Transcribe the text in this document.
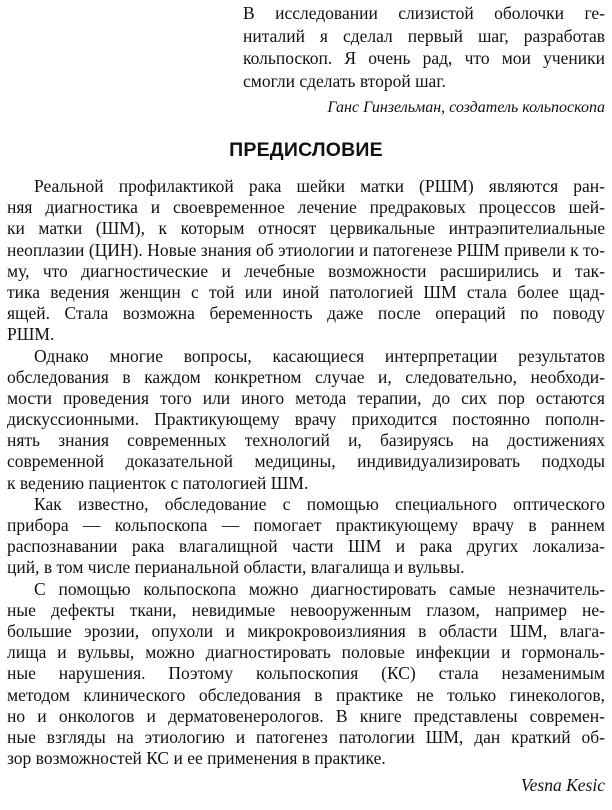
В исследовании слизистой оболочки ге-
ниталий я сделал первый шаг, разработав
кольпоскоп. Я очень рад, что мои ученики
смогли сделать второй шаг.
Ганс Гинзельман, создатель кольпоскопа
ПРЕДИСЛОВИЕ
Реальной профилактикой рака шейки матки (РШМ) являются ран-
няя диагностика и своевременное лечение предраковых процессов шей-
ки матки (ШМ), к которым относят цервикальные интраэпителиальные
неоплазии (ЦИН). Новые знания об этиологии и патогенезе РШМ привели к то-
му, что диагностические и лечебные возможности расширились и так-
тика ведения женщин с той или иной патологией ШМ стала более щад-
ящей. Стала возможна беременность даже после операций по поводу
РШМ.
Однако многие вопросы, касающиеся интерпретации результатов
обследования в каждом конкретном случае и, следовательно, необходи-
мости проведения того или иного метода терапии, до сих пор остаются
дискуссионными. Практикующему врачу приходится постоянно пополн-
нять знания современных технологий и, базируясь на достижениях
современной доказательной медицины, индивидуализировать подходы
к ведению пациенток с патологией ШМ.
Как известно, обследование с помощью специального оптического
прибора — кольпоскопа — помогает практикующему врачу в раннем
распознавании рака влагалищной части ШМ и рака других локализа-
ций, в том числе перианальной области, влагалища и вульвы.
С помощью кольпоскопа можно диагностировать самые незначитель-
ные дефекты ткани, невидимые невооруженным глазом, например не-
большие эрозии, опухоли и микрокровоизлияния в области ШМ, влага-
лища и вульвы, можно диагностировать половые инфекции и гормональ-
ные нарушения. Поэтому кольпоскопия (КС) стала незаменимым
методом клинического обследования в практике не только гинекологов,
но и онкологов и дерматовенерологов. В книге представлены современ-
ные взгляды на этиологию и патогенез патологии ШМ, дан краткий об-
зор возможностей КС и ее применения в практике.
Vesna Kesic
